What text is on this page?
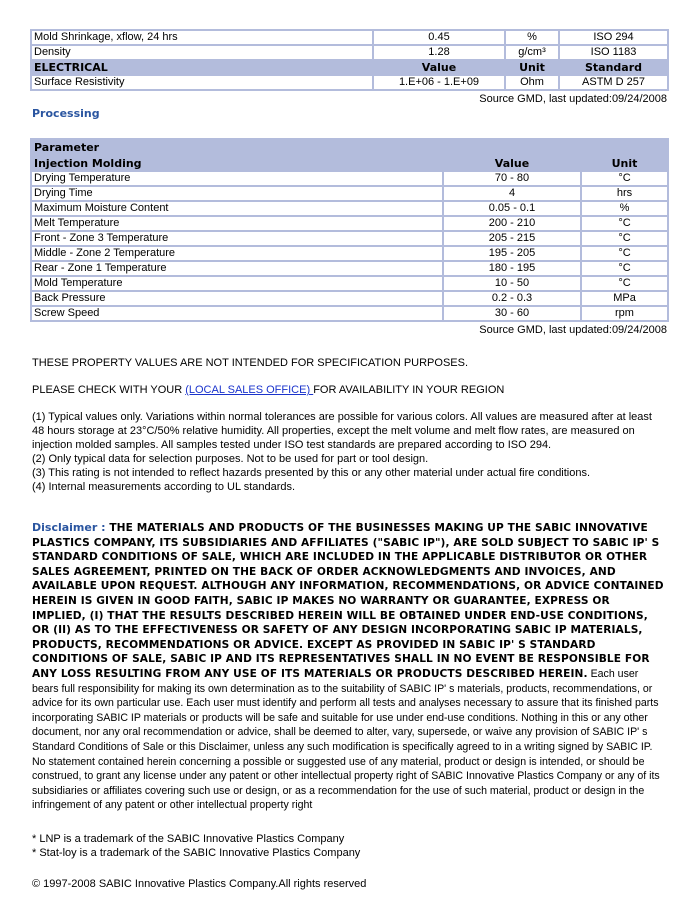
Mold Shrinkage, xflow, 24 hrs	0.45	%	ISO 294
Density	1.28	g/cm³	ISO 1183
ELECTRICAL	Value	Unit	Standard
Surface Resistivity	1.E+06 - 1.E+09	Ohm	ASTM D 257
Source GMD, last updated:09/24/2008
Processing
Parameter		
Injection Molding	Value	Unit
Drying Temperature	70 - 80	°C
Drying Time	4	hrs
Maximum Moisture Content	0.05 - 0.1	%
Melt Temperature	200 - 210	°C
Front - Zone 3 Temperature	205 - 215	°C
Middle - Zone 2 Temperature	195 - 205	°C
Rear - Zone 1 Temperature	180 - 195	°C
Mold Temperature	10 - 50	°C
Back Pressure	0.2 - 0.3	MPa
Screw Speed	30 - 60	rpm
Source GMD, last updated:09/24/2008
THESE PROPERTY VALUES ARE NOT INTENDED FOR SPECIFICATION PURPOSES.
PLEASE CHECK WITH YOUR (LOCAL SALES OFFICE) FOR AVAILABILITY IN YOUR REGION
(1) Typical values only. Variations within normal tolerances are possible for various colors. All values are measured after at least 48 hours storage at 23°C/50% relative humidity. All properties, except the melt volume and melt flow rates, are measured on injection molded samples. All samples tested under ISO test standards are prepared according to ISO 294.
(2) Only typical data for selection purposes. Not to be used for part or tool design.
(3) This rating is not intended to reflect hazards presented by this or any other material under actual fire conditions.
(4) Internal measurements according to UL standards.
Disclaimer : THE MATERIALS AND PRODUCTS OF THE BUSINESSES MAKING UP THE SABIC INNOVATIVE PLASTICS COMPANY, ITS SUBSIDIARIES AND AFFILIATES ("SABIC IP"), ARE SOLD SUBJECT TO SABIC IP' S STANDARD CONDITIONS OF SALE, WHICH ARE INCLUDED IN THE APPLICABLE DISTRIBUTOR OR OTHER SALES AGREEMENT, PRINTED ON THE BACK OF ORDER ACKNOWLEDGMENTS AND INVOICES, AND AVAILABLE UPON REQUEST. ALTHOUGH ANY INFORMATION, RECOMMENDATIONS, OR ADVICE CONTAINED HEREIN IS GIVEN IN GOOD FAITH, SABIC IP MAKES NO WARRANTY OR GUARANTEE, EXPRESS OR IMPLIED, (I) THAT THE RESULTS DESCRIBED HEREIN WILL BE OBTAINED UNDER END-USE CONDITIONS, OR (II) AS TO THE EFFECTIVENESS OR SAFETY OF ANY DESIGN INCORPORATING SABIC IP MATERIALS, PRODUCTS, RECOMMENDATIONS OR ADVICE. EXCEPT AS PROVIDED IN SABIC IP' S STANDARD CONDITIONS OF SALE, SABIC IP AND ITS REPRESENTATIVES SHALL IN NO EVENT BE RESPONSIBLE FOR ANY LOSS RESULTING FROM ANY USE OF ITS MATERIALS OR PRODUCTS DESCRIBED HEREIN. Each user bears full responsibility for making its own determination as to the suitability of SABIC IP' s materials, products, recommendations, or advice for its own particular use. Each user must identify and perform all tests and analyses necessary to assure that its finished parts incorporating SABIC IP materials or products will be safe and suitable for use under end-use conditions. Nothing in this or any other document, nor any oral recommendation or advice, shall be deemed to alter, vary, supersede, or waive any provision of SABIC IP' s Standard Conditions of Sale or this Disclaimer, unless any such modification is specifically agreed to in a writing signed by SABIC IP. No statement contained herein concerning a possible or suggested use of any material, product or design is intended, or should be construed, to grant any license under any patent or other intellectual property right of SABIC Innovative Plastics Company or any of its subsidiaries or affiliates covering such use or design, or as a recommendation for the use of such material, product or design in the infringement of any patent or other intellectual property right
* LNP is a trademark of the SABIC Innovative Plastics Company
* Stat-loy is a trademark of the SABIC Innovative Plastics Company
© 1997-2008 SABIC Innovative Plastics Company.All rights reserved
